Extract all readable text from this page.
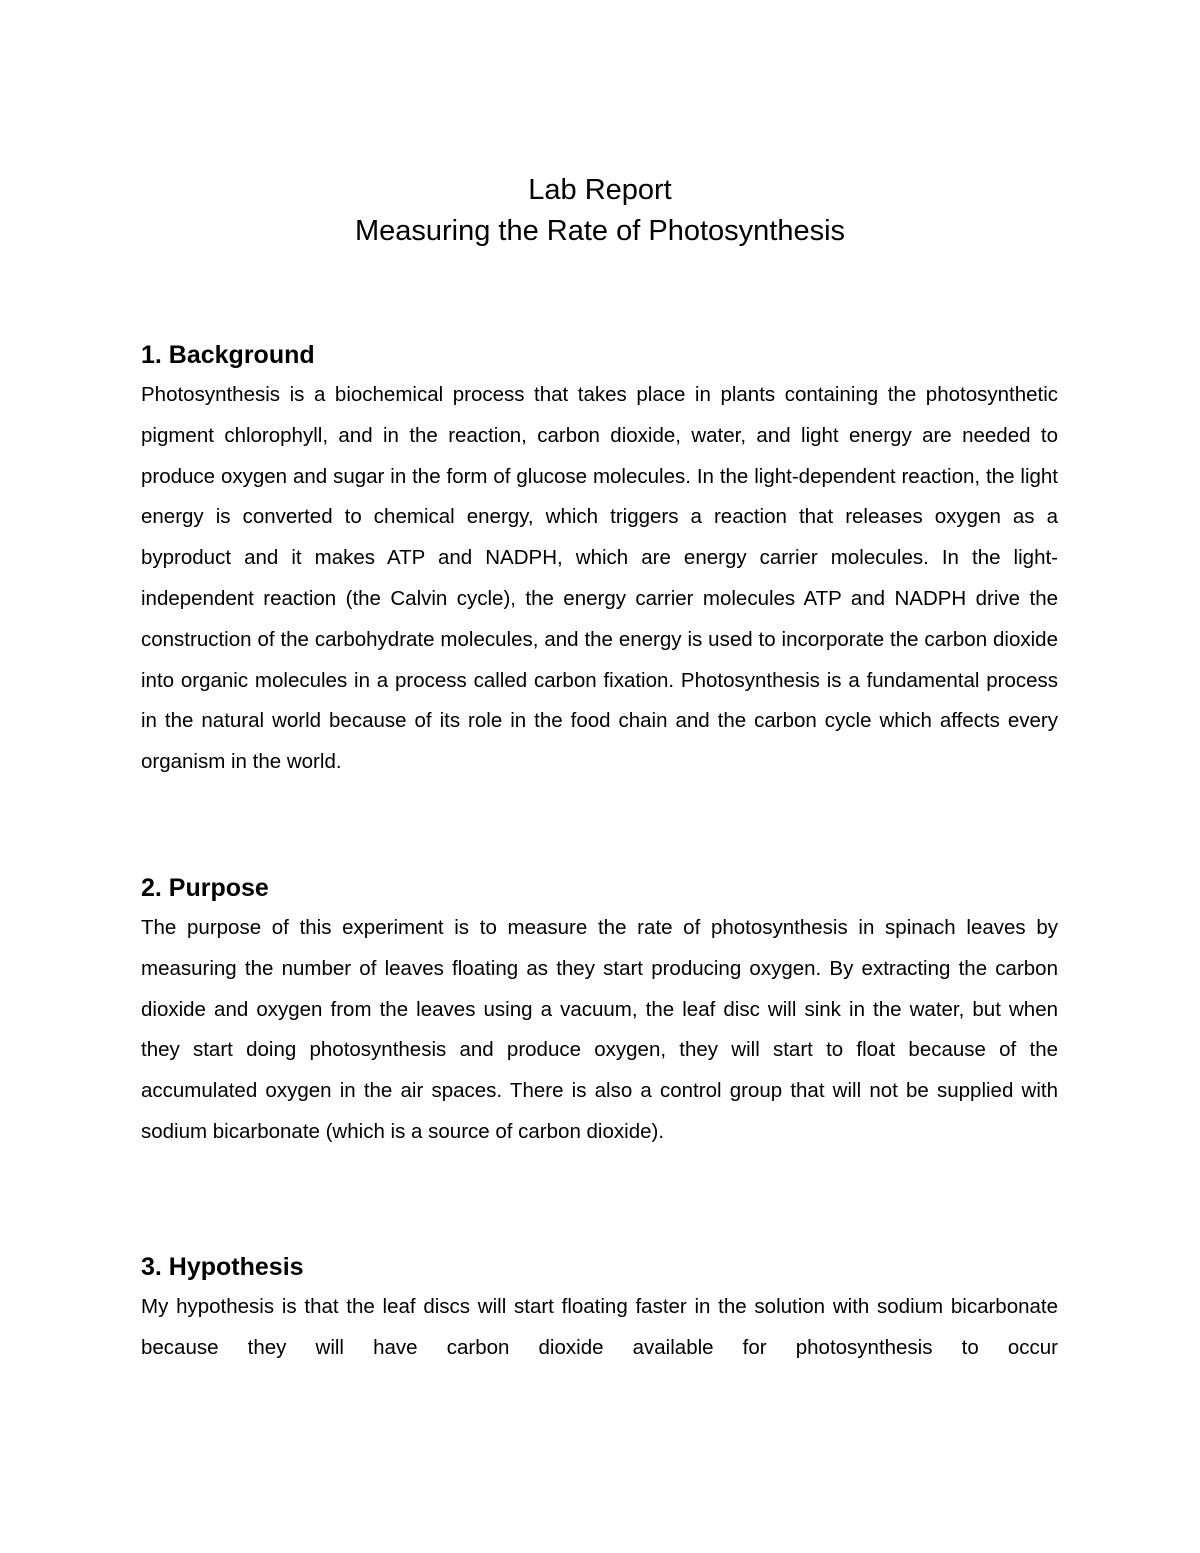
Lab Report
Measuring the Rate of Photosynthesis
1. Background

Photosynthesis is a biochemical process that takes place in plants containing the photosynthetic pigment chlorophyll, and in the reaction, carbon dioxide, water, and light energy are needed to produce oxygen and sugar in the form of glucose molecules. In the light-dependent reaction, the light energy is converted to chemical energy, which triggers a reaction that releases oxygen as a byproduct and it makes ATP and NADPH, which are energy carrier molecules. In the light-independent reaction (the Calvin cycle), the energy carrier molecules ATP and NADPH drive the construction of the carbohydrate molecules, and the energy is used to incorporate the carbon dioxide into organic molecules in a process called carbon fixation. Photosynthesis is a fundamental process in the natural world because of its role in the food chain and the carbon cycle which affects every organism in the world.

2. Purpose

The purpose of this experiment is to measure the rate of photosynthesis in spinach leaves by measuring the number of leaves floating as they start producing oxygen. By extracting the carbon dioxide and oxygen from the leaves using a vacuum, the leaf disc will sink in the water, but when they start doing photosynthesis and produce oxygen, they will start to float because of the accumulated oxygen in the air spaces. There is also a control group that will not be supplied with sodium bicarbonate (which is a source of carbon dioxide).

3. Hypothesis

My hypothesis is that the leaf discs will start floating faster in the solution with sodium bicarbonate because they will have carbon dioxide available for photosynthesis to occur
